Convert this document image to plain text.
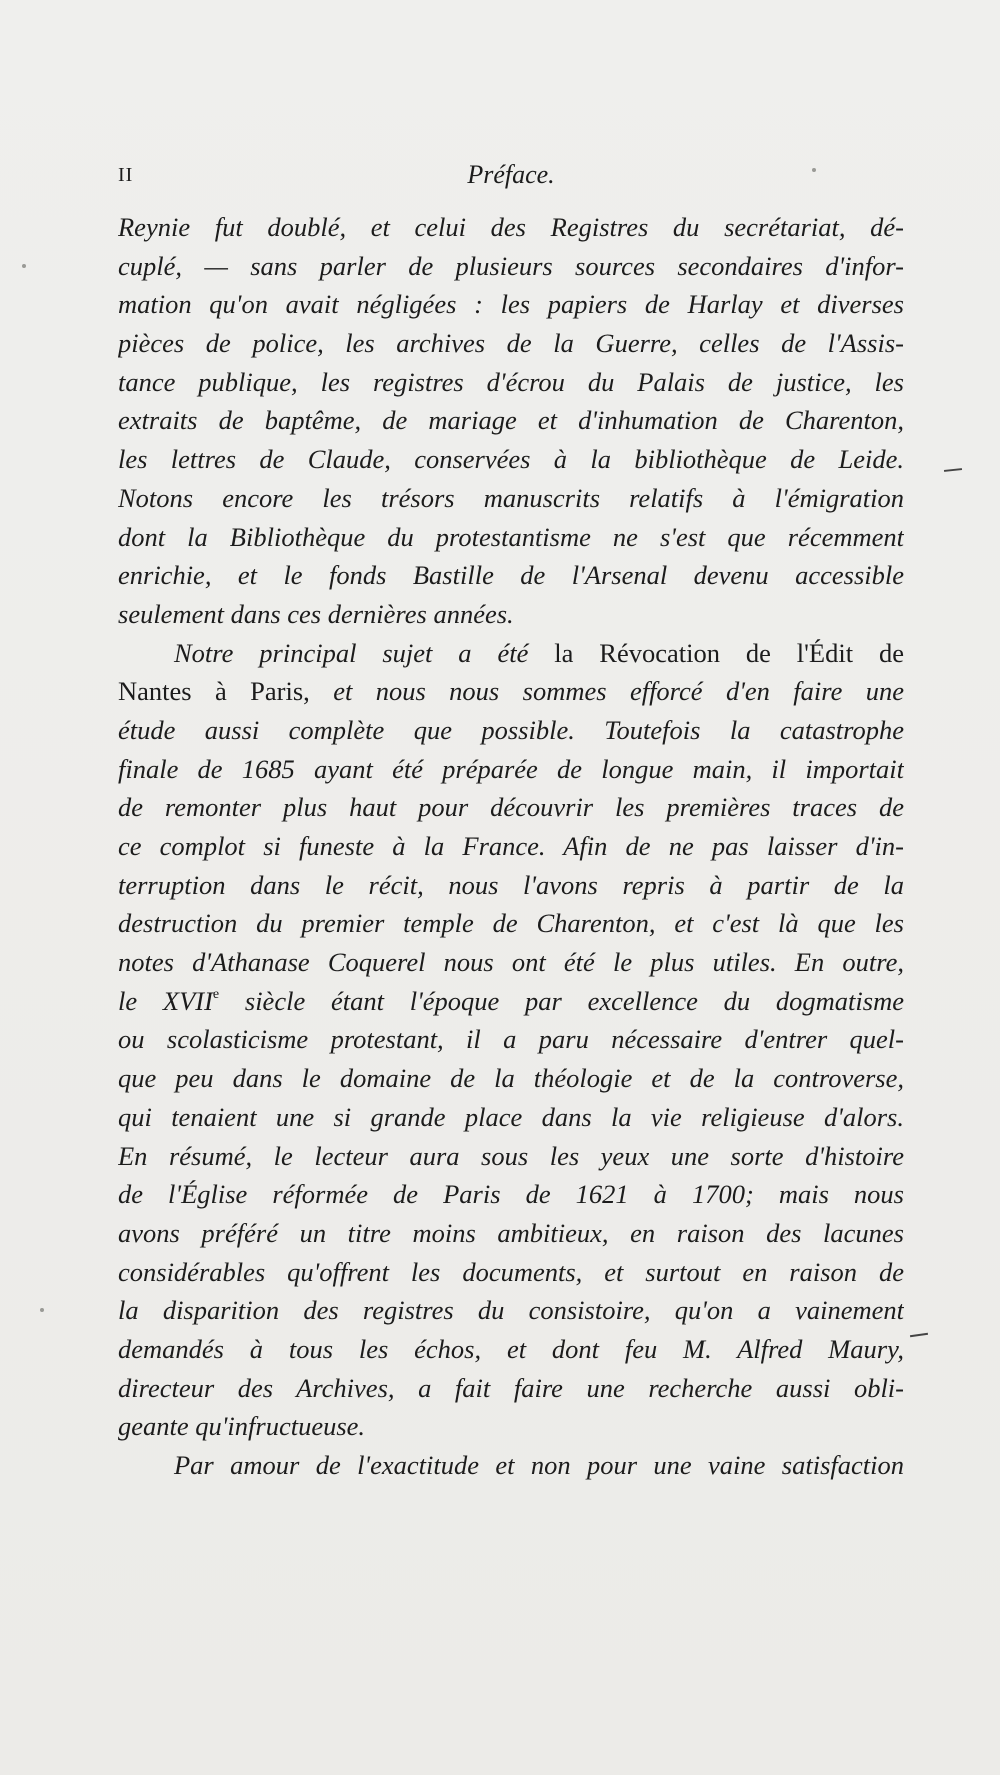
II	Préface.
Reynie fut doublé, et celui des Registres du secrétariat, dé-
cuplé, — sans parler de plusieurs sources secondaires d'infor-
mation qu'on avait négligées : les papiers de Harlay et diverses
pièces de police, les archives de la Guerre, celles de l'Assis-
tance publique, les registres d'écrou du Palais de justice, les
extraits de baptême, de mariage et d'inhumation de Charenton,
les lettres de Claude, conservées à la bibliothèque de Leide.
Notons encore les trésors manuscrits relatifs à l'émigration
dont la Bibliothèque du protestantisme ne s'est que récemment
enrichie, et le fonds Bastille de l'Arsenal devenu accessible
seulement dans ces dernières années.
Notre principal sujet a été la Révocation de l'Édit de
Nantes à Paris, et nous nous sommes efforcé d'en faire une
étude aussi complète que possible. Toutefois la catastrophe
finale de 1685 ayant été préparée de longue main, il importait
de remonter plus haut pour découvrir les premières traces de
ce complot si funeste à la France. Afin de ne pas laisser d'in-
terruption dans le récit, nous l'avons repris à partir de la
destruction du premier temple de Charenton, et c'est là que les
notes d'Athanase Coquerel nous ont été le plus utiles. En outre,
le XVIIe siècle étant l'époque par excellence du dogmatisme
ou scolasticisme protestant, il a paru nécessaire d'entrer quel-
que peu dans le domaine de la théologie et de la controverse,
qui tenaient une si grande place dans la vie religieuse d'alors.
En résumé, le lecteur aura sous les yeux une sorte d'histoire
de l'Église réformée de Paris de 1621 à 1700; mais nous
avons préféré un titre moins ambitieux, en raison des lacunes
considérables qu'offrent les documents, et surtout en raison de
la disparition des registres du consistoire, qu'on a vainement
demandés à tous les échos, et dont feu M. Alfred Maury,
directeur des Archives, a fait faire une recherche aussi obli-
geante qu'infructueuse.
Par amour de l'exactitude et non pour une vaine satisfaction
